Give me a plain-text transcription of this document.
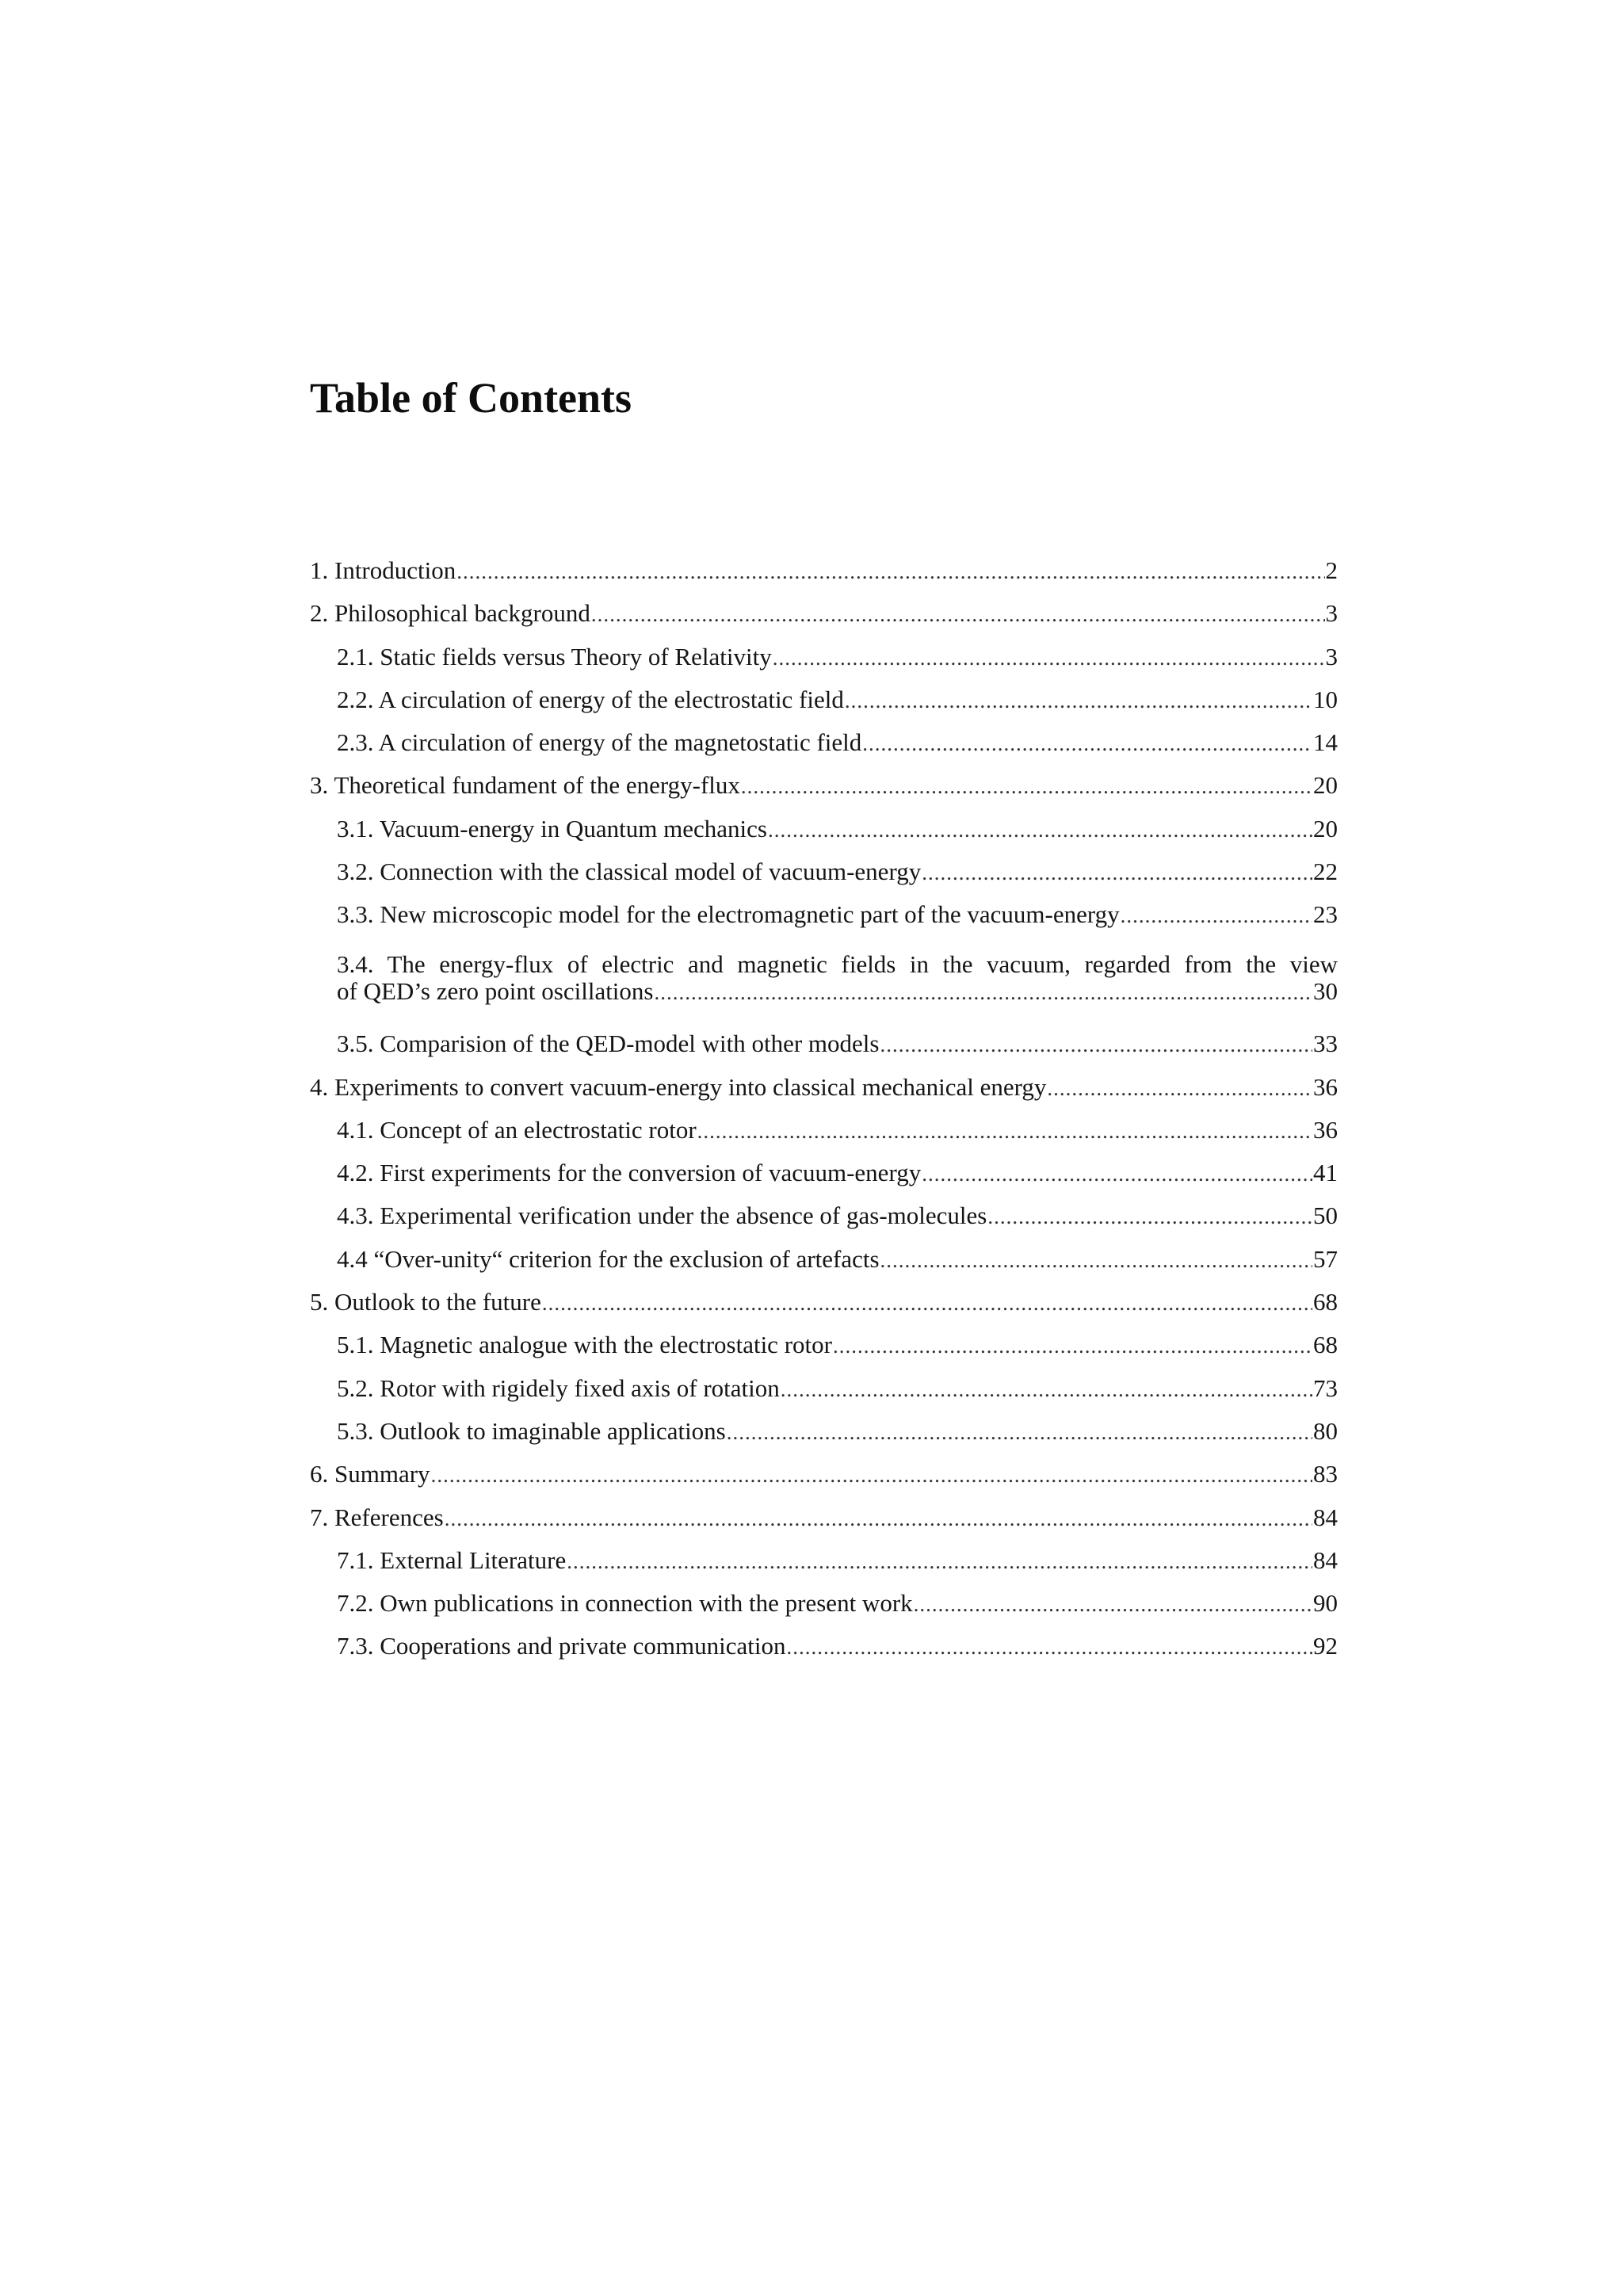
Table of Contents
1. Introduction .....	2
2. Philosophical background .....	3
2.1. Static fields versus Theory of Relativity .....	3
2.2. A circulation of energy of the electrostatic field .....	10
2.3. A circulation of energy of the magnetostatic field .....	14
3. Theoretical fundament of the energy-flux .....	20
3.1. Vacuum-energy in Quantum mechanics .....	20
3.2. Connection with the classical model of vacuum-energy .....	22
3.3. New microscopic model for the electromagnetic part of the vacuum-energy .....	23
3.4. The energy-flux of electric and magnetic fields in the vacuum, regarded from the view
of QED’s zero point oscillations .....	30
3.5. Comparision of the QED-model with other models .....	33
4. Experiments to convert vacuum-energy into classical mechanical energy .....	36
4.1. Concept of an electrostatic rotor .....	36
4.2. First experiments for the conversion of vacuum-energy .....	41
4.3. Experimental verification under the absence of gas-molecules .....	50
4.4 “Over-unity“ criterion for the exclusion of artefacts .....	57
5. Outlook to the future .....	68
5.1. Magnetic analogue with the electrostatic rotor .....	68
5.2. Rotor with rigidely fixed axis of rotation .....	73
5.3. Outlook to imaginable applications .....	80
6. Summary .....	83
7. References .....	84
7.1. External Literature .....	84
7.2. Own publications in connection with the present work .....	90
7.3. Cooperations and private communication .....	92
